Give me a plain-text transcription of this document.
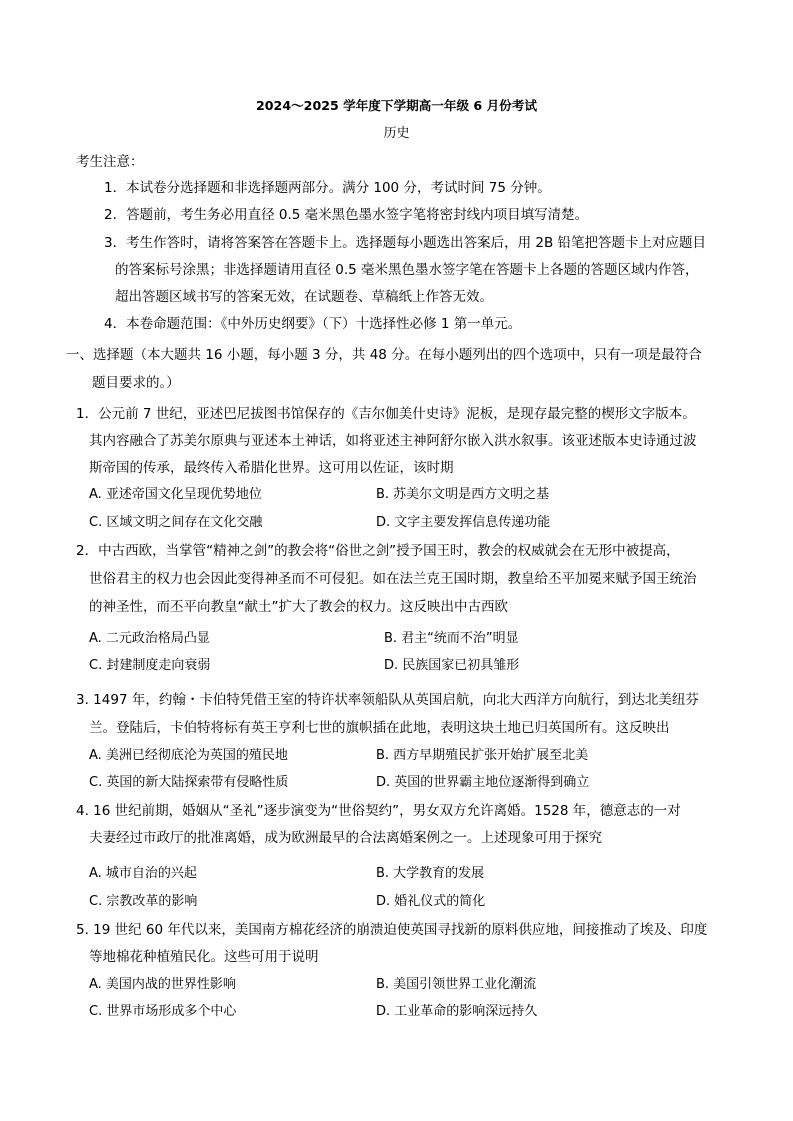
2024～2025 学年度下学期高一年级 6 月份考试
历史
考生注意：
1．本试卷分选择题和非选择题两部分。满分 100 分，考试时间 75 分钟。
2．答题前，考生务必用直径 0.5 毫米黑色墨水签字笔将密封线内项目填写清楚。
3．考生作答时，请将答案答在答题卡上。选择题每小题选出答案后，用 2B 铅笔把答题卡上对应题目
的答案标号涂黑；非选择题请用直径 0.5 毫米黑色墨水签字笔在答题卡上各题的答题区域内作答，
超出答题区域书写的答案无效，在试题卷、草稿纸上作答无效。
4．本卷命题范围：《中外历史纲要》（下）十选择性必修 1 第一单元。
一、选择题（本大题共 16 小题，每小题 3 分，共 48 分。在每小题列出的四个选项中，只有一项是最符合
题目要求的。）
1．公元前 7 世纪，亚述巴尼拔图书馆保存的《吉尔伽美什史诗》泥板，是现存最完整的楔形文字版本。
其内容融合了苏美尔原典与亚述本土神话，如将亚述主神阿舒尔嵌入洪水叙事。该亚述版本史诗通过波
斯帝国的传承，最终传入希腊化世界。这可用以佐证，该时期
A. 亚述帝国文化呈现优势地位	B. 苏美尔文明是西方文明之基
C. 区域文明之间存在文化交融	D. 文字主要发挥信息传递功能
2．中古西欧，当掌管“精神之剑”的教会将“俗世之剑”授予国王时，教会的权威就会在无形中被提高，
世俗君主的权力也会因此变得神圣而不可侵犯。如在法兰克王国时期，教皇给丕平加冕来赋予国王统治
的神圣性，而丕平向教皇“献土”扩大了教会的权力。这反映出中古西欧
A. 二元政治格局凸显	B. 君主“统而不治”明显
C. 封建制度走向衰弱	D. 民族国家已初具雏形
3. 1497 年，约翰・卡伯特凭借王室的特许状率领船队从英国启航，向北大西洋方向航行，到达北美纽芬
兰。登陆后，卡伯特将标有英王亨利七世的旗帜插在此地，表明这块土地已归英国所有。这反映出
A. 美洲已经彻底沦为英国的殖民地	B. 西方早期殖民扩张开始扩展至北美
C. 英国的新大陆探索带有侵略性质	D. 英国的世界霸主地位逐渐得到确立
4. 16 世纪前期，婚姻从“圣礼”逐步演变为“世俗契约”，男女双方允许离婚。1528 年，德意志的一对
夫妻经过市政厅的批准离婚，成为欧洲最早的合法离婚案例之一。上述现象可用于探究
A. 城市自治的兴起	B. 大学教育的发展
C. 宗教改革的影响	D. 婚礼仪式的简化
5. 19 世纪 60 年代以来，美国南方棉花经济的崩溃迫使英国寻找新的原料供应地，间接推动了埃及、印度
等地棉花种植殖民化。这些可用于说明
A. 美国内战的世界性影响	B. 美国引领世界工业化潮流
C. 世界市场形成多个中心	D. 工业革命的影响深远持久
